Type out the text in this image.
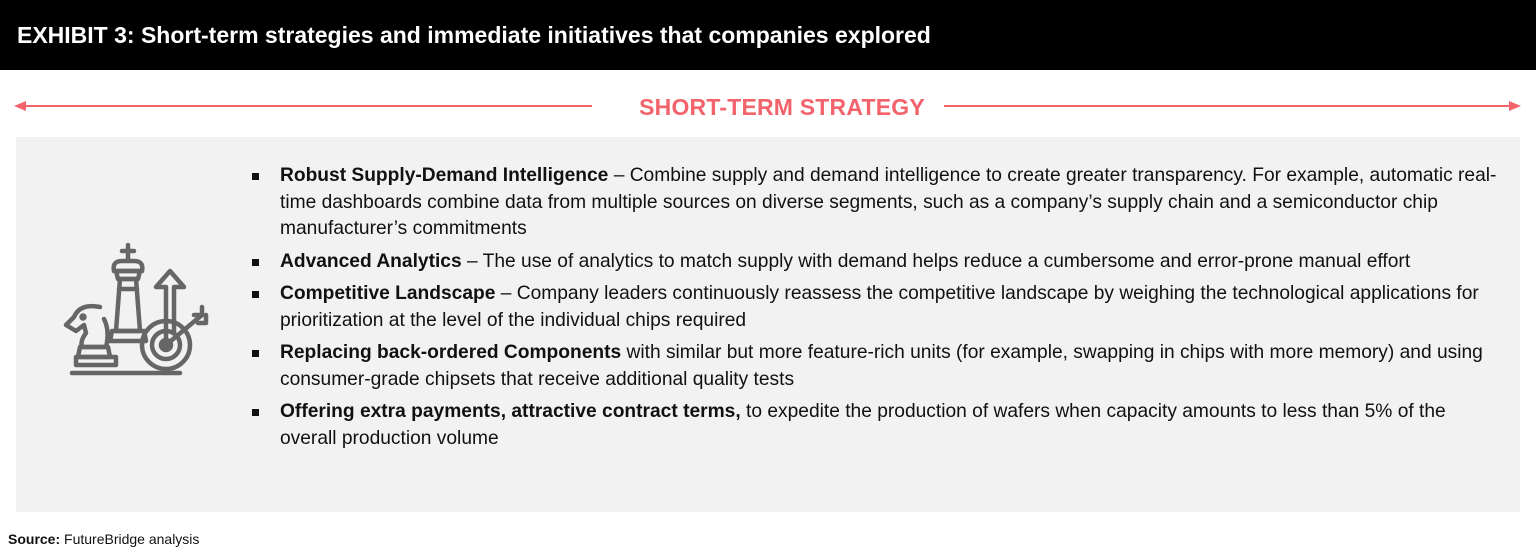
EXHIBIT 3: Short-term strategies and immediate initiatives that companies explored
SHORT-TERM STRATEGY
Robust Supply-Demand Intelligence – Combine supply and demand intelligence to create greater transparency. For example, automatic real-time dashboards combine data from multiple sources on diverse segments, such as a company’s supply chain and a semiconductor chip manufacturer’s commitments
Advanced Analytics – The use of analytics to match supply with demand helps reduce a cumbersome and error-prone manual effort
Competitive Landscape – Company leaders continuously reassess the competitive landscape by weighing the technological applications for prioritization at the level of the individual chips required
Replacing back-ordered Components with similar but more feature-rich units (for example, swapping in chips with more memory) and using consumer-grade chipsets that receive additional quality tests
Offering extra payments, attractive contract terms, to expedite the production of wafers when capacity amounts to less than 5% of the overall production volume
Source: FutureBridge analysis
